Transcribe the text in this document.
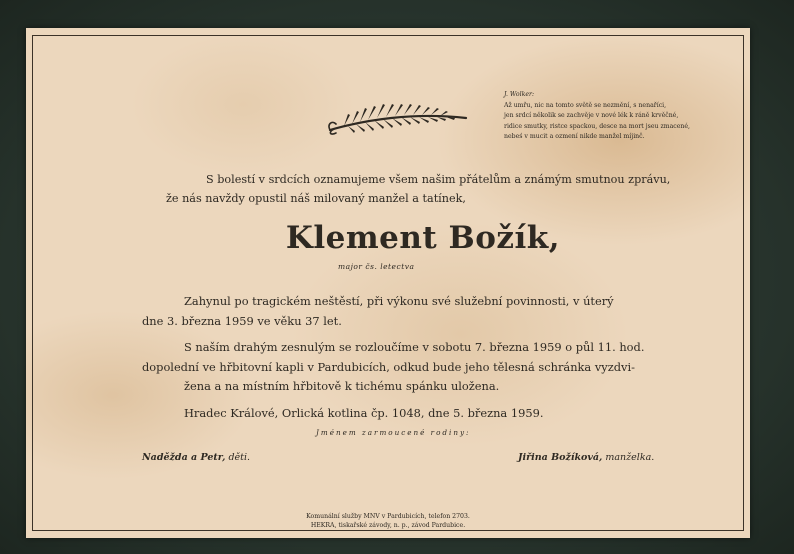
J. Wolker:
Až umřu, nic na tomto světě se nezmění, s nenaříci,
jen srdcí několik se zachvěje v nové lék k ráně krvěčné,
ridice smutky, ristce spackou, desce na mort jseu zmacené,
nebeś v mucit a ozmení nikde manžel míjinč.
S bolestí v srdcích oznamujeme všem našim přátelům a známým smutnou zprávu,
že nás navždy opustil náš milovaný manžel a tatínek,
Klement Božík,
major čs. letectva
Zahynul po tragickém neštěstí, při výkonu své služební povinnosti, v úterý
dne 3. března 1959 ve věku 37 let.
S naším drahým zesnulým se rozloučíme v sobotu 7. března 1959 o půl 11. hod.
dopolední ve hřbitovní kapli v Pardubicích, odkud bude jeho tělesná schránka vyzdvi-
žena a na místním hřbitově k tichému spánku uložena.
Hradec Králové, Orlická kotlina čp. 1048, dne 5. března 1959.
Jménem zarmoucené rodiny:
Naděžda a Petr, děti.	Jiřina Božíková, manželka.
Komunální služby MNV v Pardubicích, telefon 2703.
HEKRA, tiskařské závody, n. p., závod Pardubice.
